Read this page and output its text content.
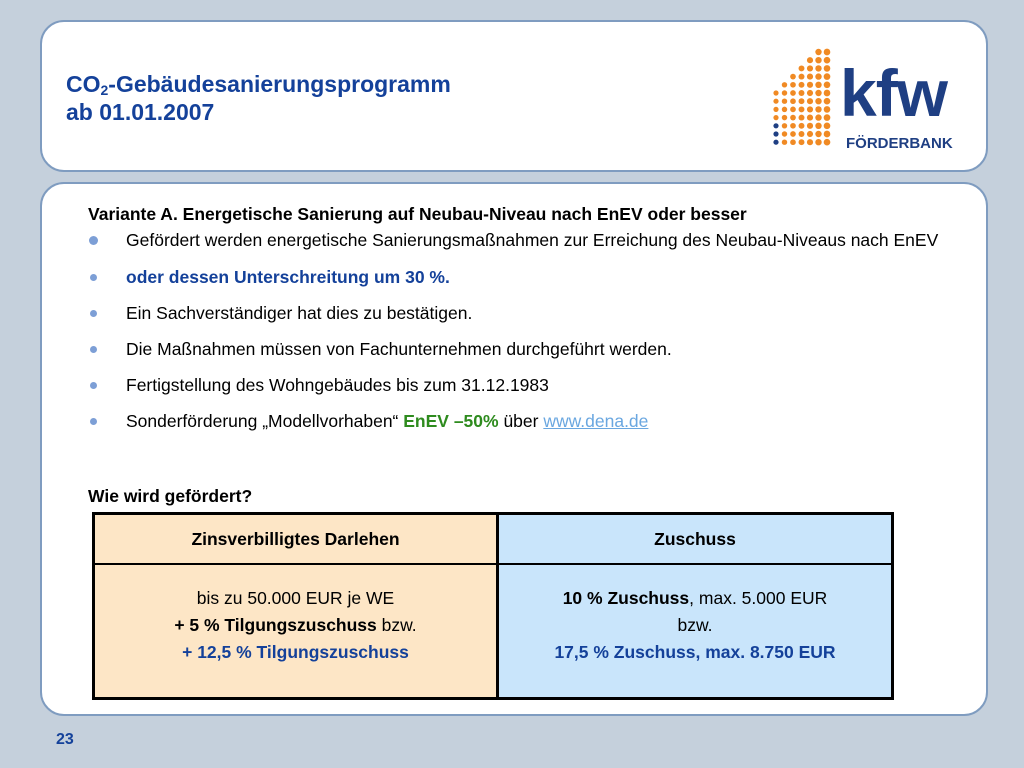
$CO_2$-Gebäudesanierungsprogramm
ab 01.01.2007	kfw
FÖRDERBANK
Variante A. Energetische Sanierung auf Neubau-Niveau nach EnEV oder besser
Gefördert werden energetische Sanierungsmaßnahmen zur Erreichung des Neubau-Niveaus nach EnEV
oder dessen Unterschreitung um 30 %.
Ein Sachverständiger hat dies zu bestätigen.
Die Maßnahmen müssen von Fachunternehmen durchgeführt werden.
Fertigstellung des Wohngebäudes bis zum 31.12.1983
Sonderförderung „Modellvorhaben“ EnEV –50% über www.dena.de
Wie wird gefördert?
Zinsverbilligtes Darlehen
bis zu 50.000 EUR je WE
+ 5 % Tilgungszuschuss bzw.
+ 12,5 % Tilgungszuschuss
Zuschuss
10 % Zuschuss, max. 5.000 EUR
bzw.
17,5 % Zuschuss, max. 8.750 EUR
23
